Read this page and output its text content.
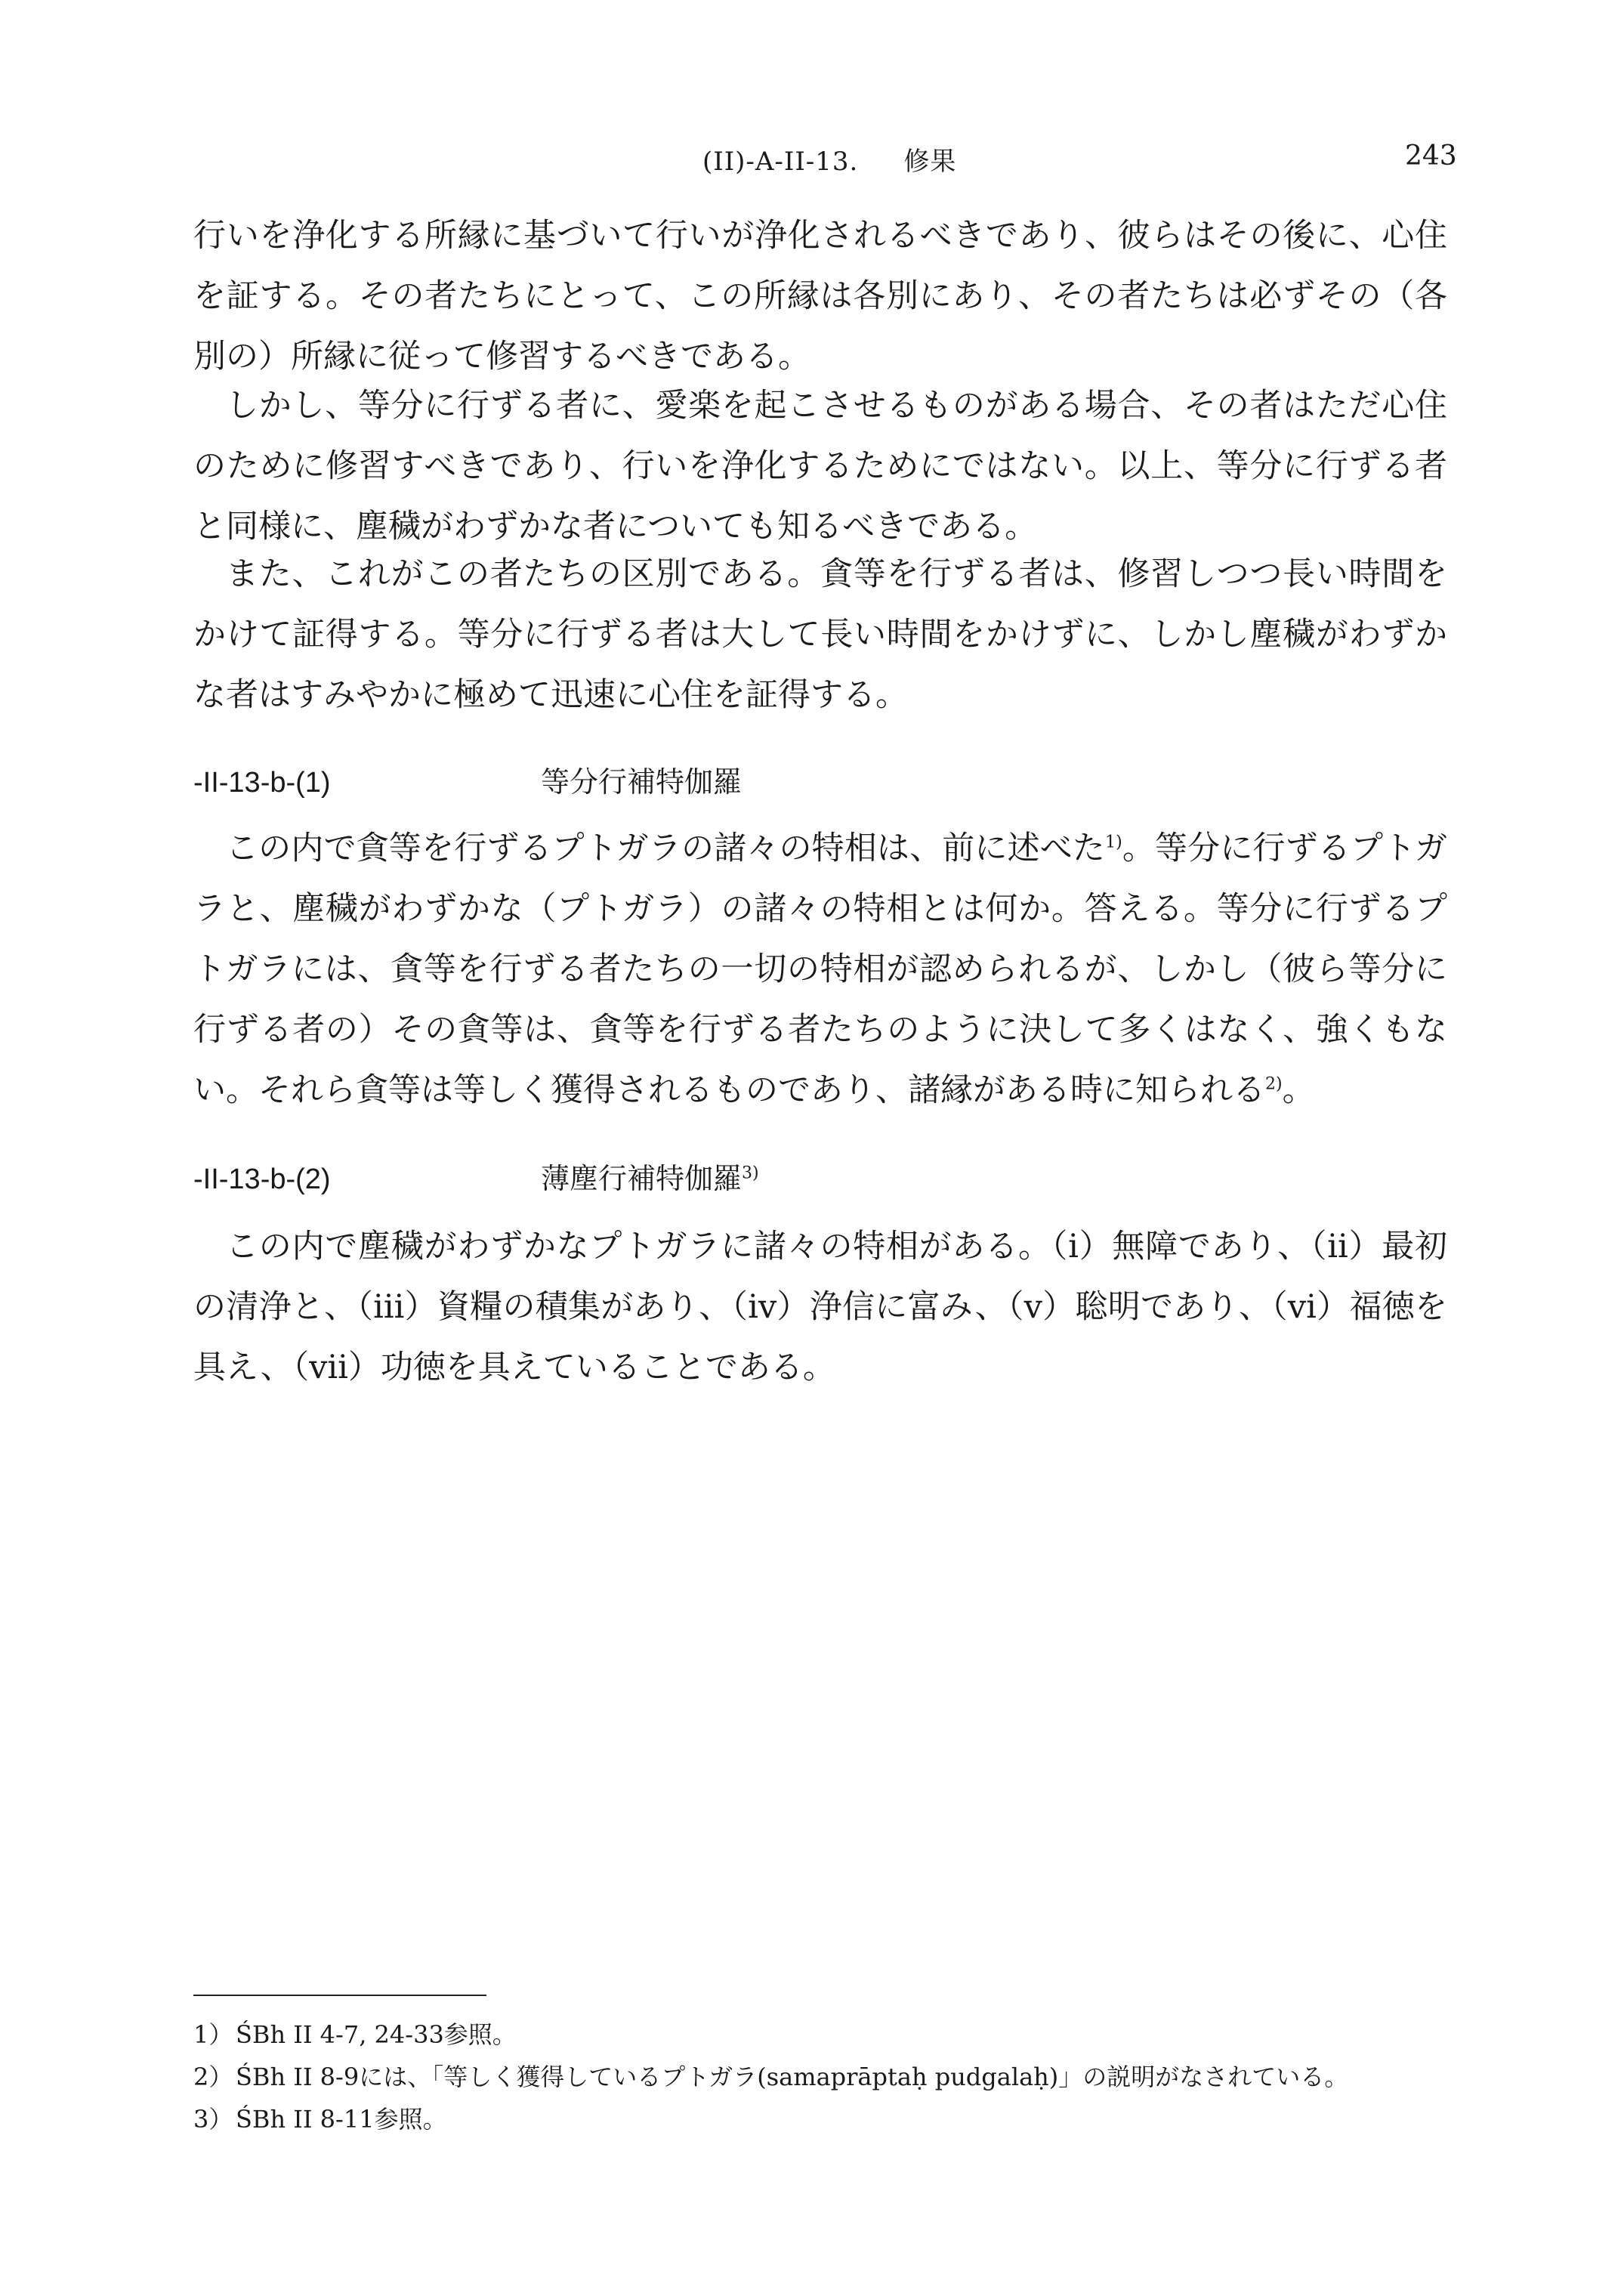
(II)-A-II-13. 修果	243

行いを浄化する所縁に基づいて行いが浄化されるべきであり、彼らはその後に、心住を証する。その者たちにとって、この所縁は各別にあり、その者たちは必ずその（各別の）所縁に従って修習するべきである。

しかし、等分に行ずる者に、愛楽を起こさせるものがある場合、その者はただ心住のために修習すべきであり、行いを浄化するためにではない。以上、等分に行ずる者と同様に、塵穢がわずかな者についても知るべきである。

また、これがこの者たちの区別である。貪等を行ずる者は、修習しつつ長い時間をかけて証得する。等分に行ずる者は大して長い時間をかけずに、しかし塵穢がわずかな者はすみやかに極めて迅速に心住を証得する。

-II-13-b-(1)	等分行補特伽羅

この内で貪等を行ずるプトガラの諸々の特相は、前に述べた$^{1)}$。等分に行ずるプトガラと、塵穢がわずかな（プトガラ）の諸々の特相とは何か。答える。等分に行ずるプトガラには、貪等を行ずる者たちの一切の特相が認められるが、しかし（彼ら等分に行ずる者の）その貪等は、貪等を行ずる者たちのように決して多くはなく、強くもない。それら貪等は等しく獲得されるものであり、諸縁がある時に知られる$^{2)}$。

-II-13-b-(2)	薄塵行補特伽羅$^{3)}$

この内で塵穢がわずかなプトガラに諸々の特相がある。（i）無障であり、（ii）最初の清浄と、（iii）資糧の積集があり、（iv）浄信に富み、（v）聡明であり、（vi）福徳を具え、（vii）功徳を具えていることである。

1） ŚBh II 4-7, 24-33参照。
2） ŚBh II 8-9には、「等しく獲得しているプトガラ(samaprāptaḥ pudgalaḥ)」の説明がなされている。
3） ŚBh II 8-11参照。
